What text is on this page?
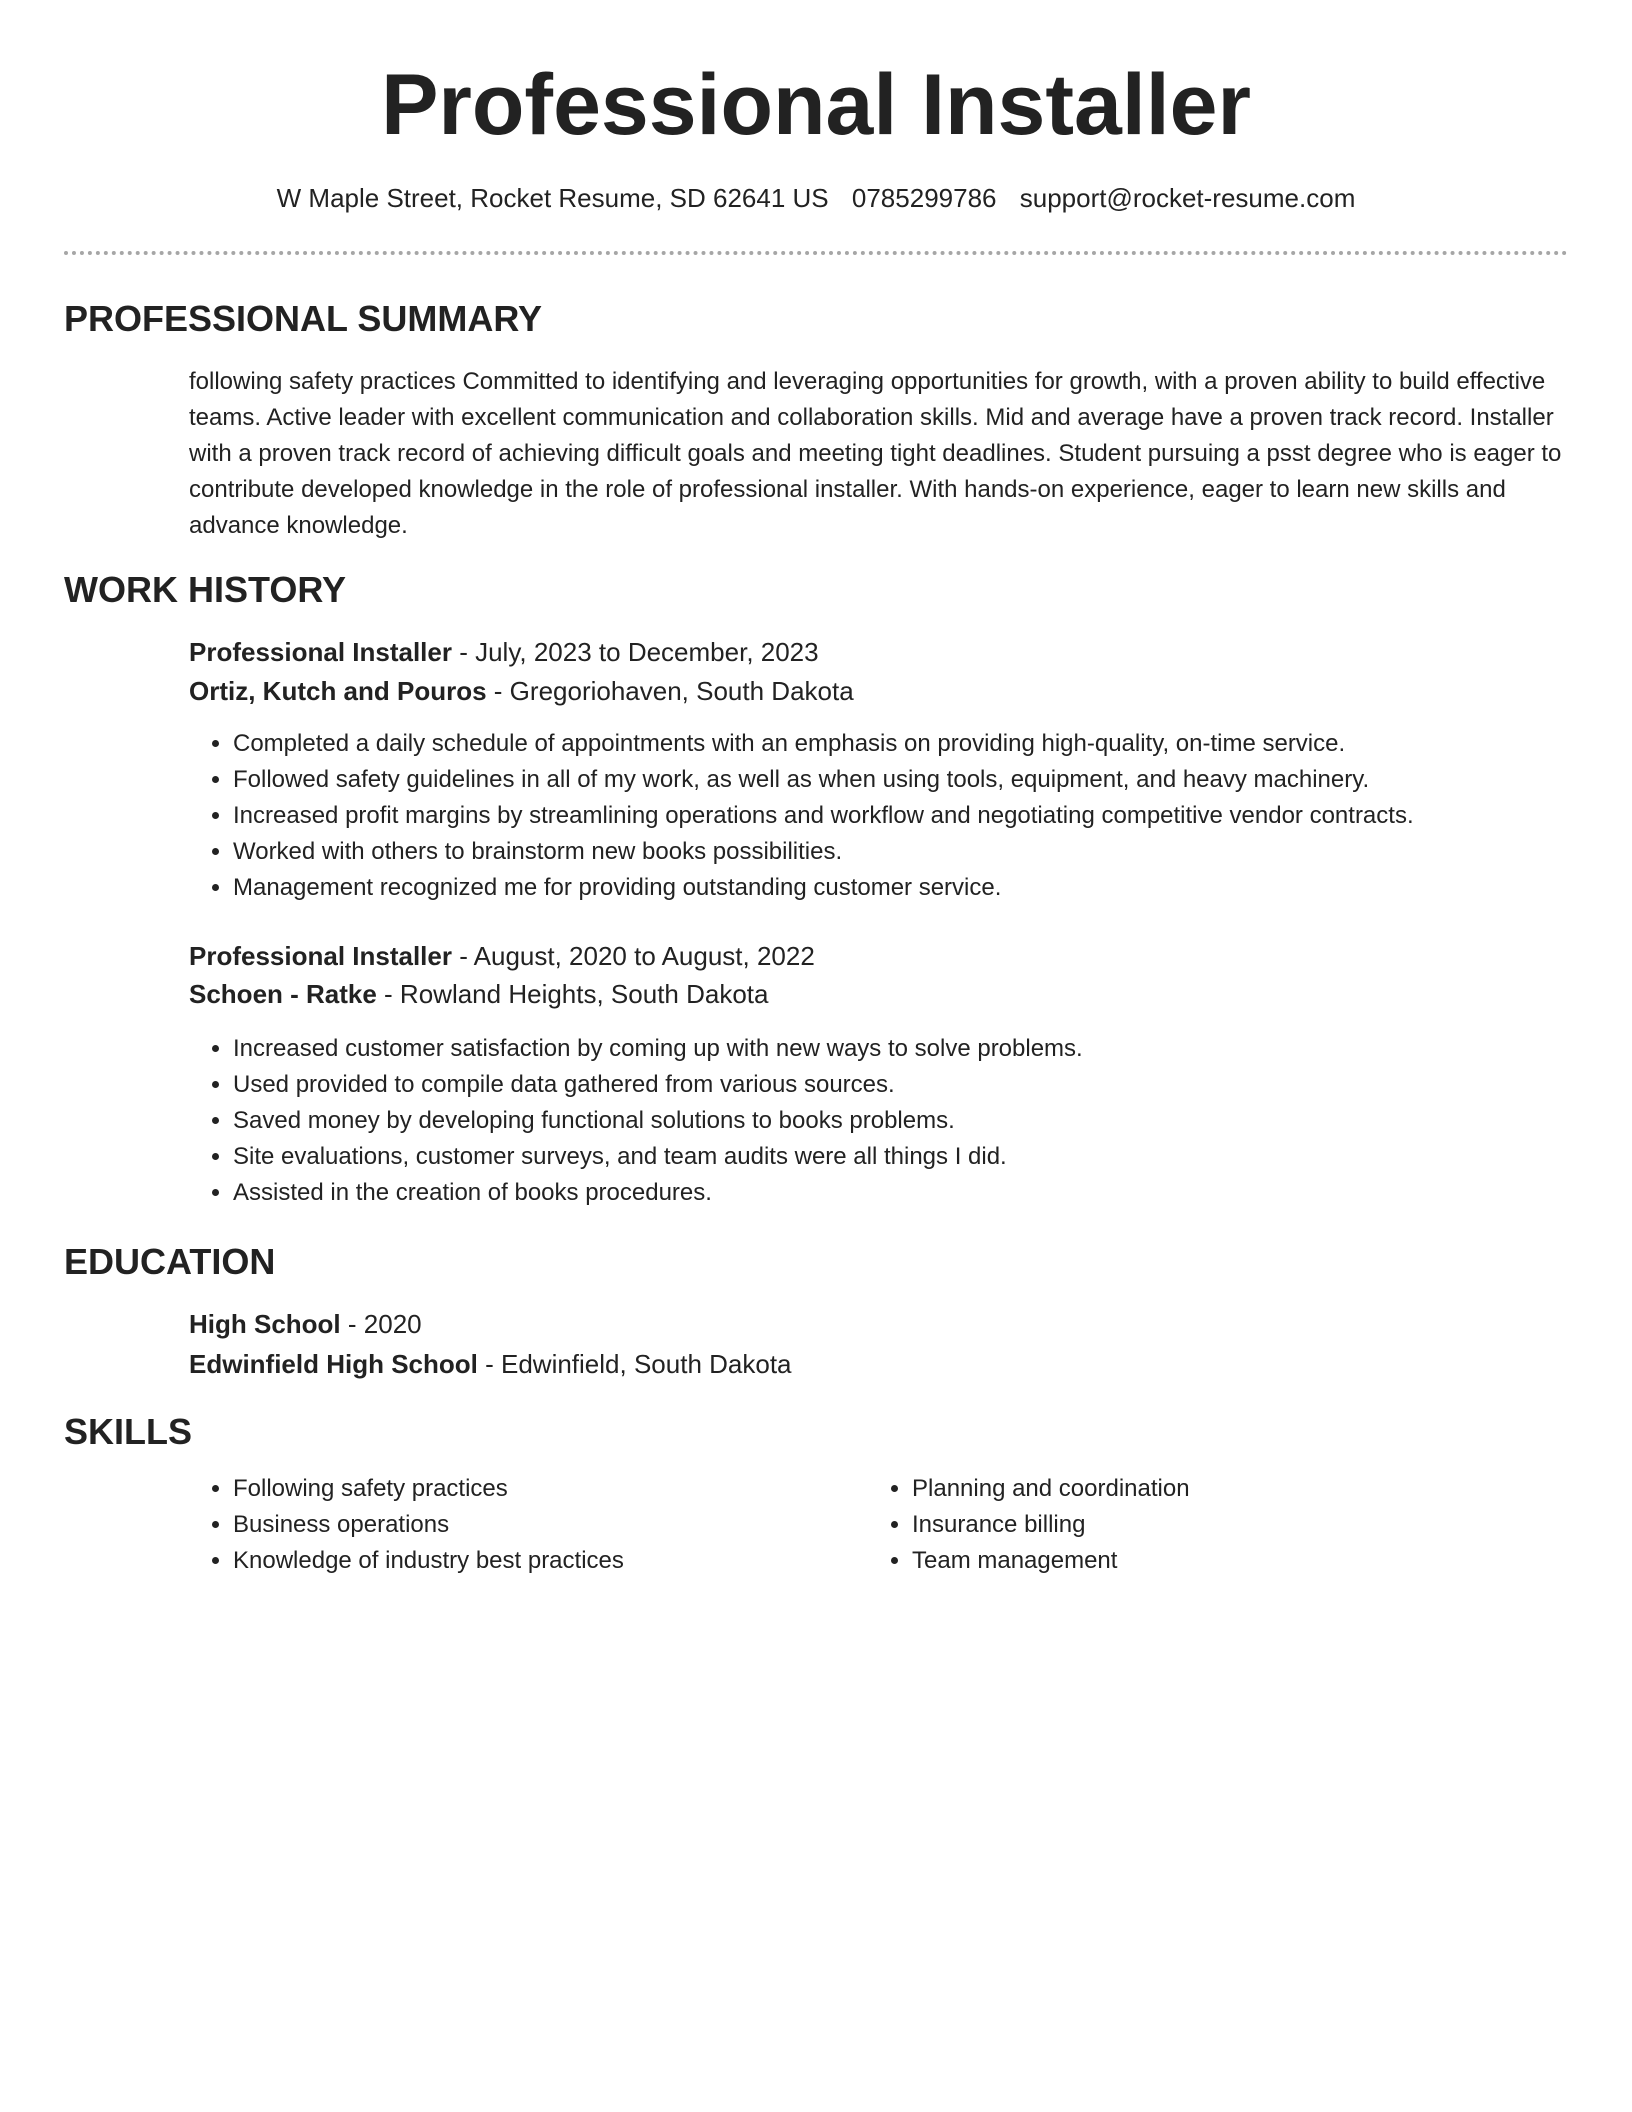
Professional Installer
W Maple Street, Rocket Resume, SD 62641 US 0785299786 support@rocket-resume.com
PROFESSIONAL SUMMARY

following safety practices Committed to identifying and leveraging opportunities for growth, with a proven ability to build effective teams. Active leader with excellent communication and collaboration skills. Mid and average have a proven track record. Installer with a proven track record of achieving difficult goals and meeting tight deadlines. Student pursuing a psst degree who is eager to contribute developed knowledge in the role of professional installer. With hands-on experience, eager to learn new skills and advance knowledge.

WORK HISTORY
Professional Installer - July, 2023 to December, 2023
Ortiz, Kutch and Pouros - Gregoriohaven, South Dakota
• Completed a daily schedule of appointments with an emphasis on providing high-quality, on-time service.
• Followed safety guidelines in all of my work, as well as when using tools, equipment, and heavy machinery.
• Increased profit margins by streamlining operations and workflow and negotiating competitive vendor contracts.
• Worked with others to brainstorm new books possibilities.
• Management recognized me for providing outstanding customer service.
Professional Installer - August, 2020 to August, 2022
Schoen - Ratke - Rowland Heights, South Dakota
• Increased customer satisfaction by coming up with new ways to solve problems.
• Used provided to compile data gathered from various sources.
• Saved money by developing functional solutions to books problems.
• Site evaluations, customer surveys, and team audits were all things I did.
• Assisted in the creation of books procedures.
EDUCATION
High School - 2020
Edwinfield High School - Edwinfield, South Dakota
SKILLS
• Following safety practices
• Business operations
• Knowledge of industry best practices
• Planning and coordination
• Insurance billing
• Team management
